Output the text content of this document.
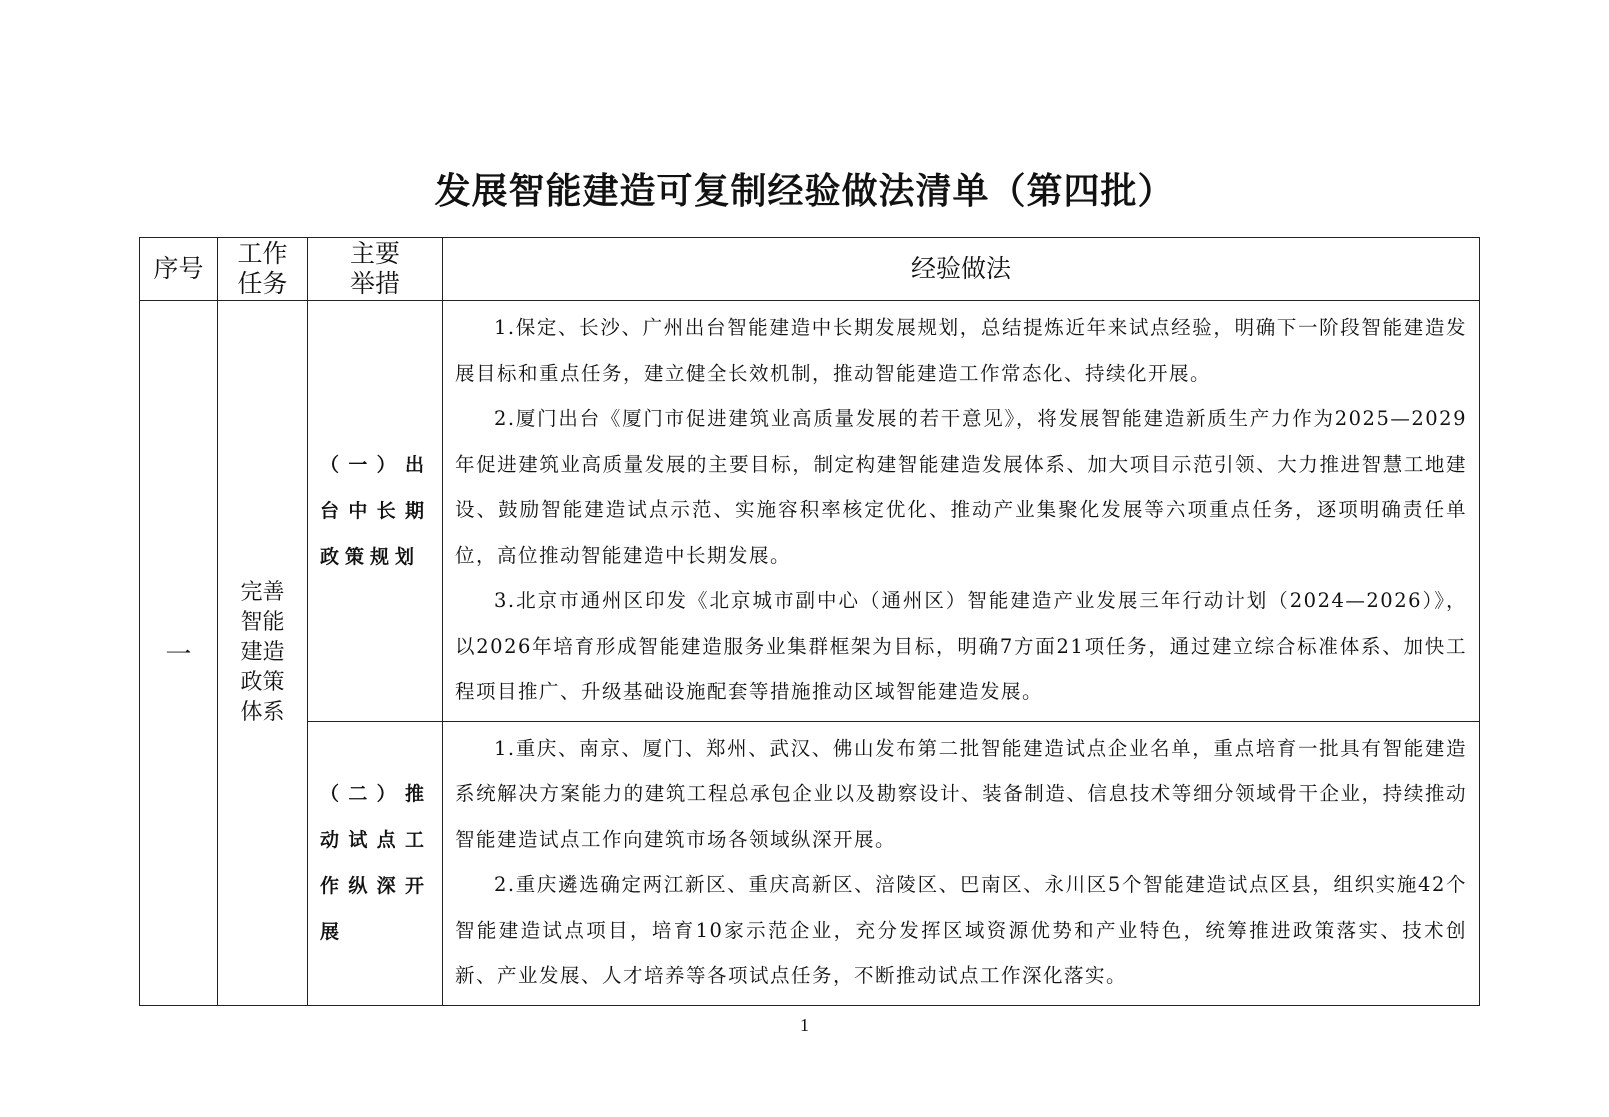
发展智能建造可复制经验做法清单（第四批）
序号	工作任务	主要举措	经验做法
一	完善智能建造政策体系	（一）出台中长期政策规划	1.保定、长沙、广州出台智能建造中长期发展规划，总结提炼近年来试点经验，明确下一阶段智能建造发展目标和重点任务，建立健全长效机制，推动智能建造工作常态化、持续化开展。

2.厦门出台《厦门市促进建筑业高质量发展的若干意见》，将发展智能建造新质生产力作为2025—2029年促进建筑业高质量发展的主要目标，制定构建智能建造发展体系、加大项目示范引领、大力推进智慧工地建设、鼓励智能建造试点示范、实施容积率核定优化、推动产业集聚化发展等六项重点任务，逐项明确责任单位，高位推动智能建造中长期发展。

3.北京市通州区印发《北京城市副中心（通州区）智能建造产业发展三年行动计划（2024—2026）》，以2026年培育形成智能建造服务业集群框架为目标，明确7方面21项任务，通过建立综合标准体系、加快工程项目推广、升级基础设施配套等措施推动区域智能建造发展。

		（二）推动试点工作纵深开展	1.重庆、南京、厦门、郑州、武汉、佛山发布第二批智能建造试点企业名单，重点培育一批具有智能建造系统解决方案能力的建筑工程总承包企业以及勘察设计、装备制造、信息技术等细分领域骨干企业，持续推动智能建造试点工作向建筑市场各领域纵深开展。

2.重庆遴选确定两江新区、重庆高新区、涪陵区、巴南区、永川区5个智能建造试点区县，组织实施42个智能建造试点项目，培育10家示范企业，充分发挥区域资源优势和产业特色，统筹推进政策落实、技术创新、产业发展、人才培养等各项试点任务，不断推动试点工作深化落实。

1
